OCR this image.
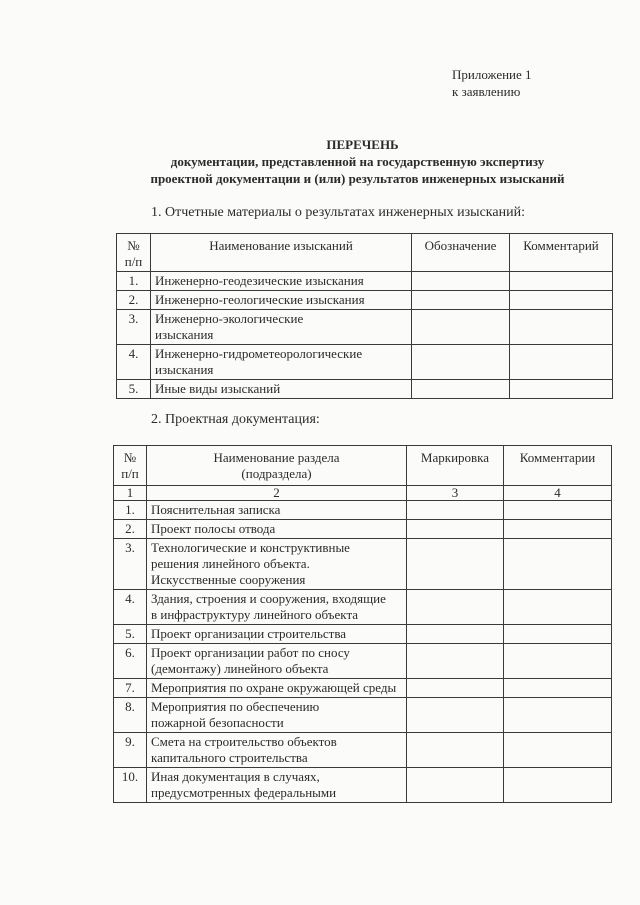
Приложение 1
к заявлению
ПЕРЕЧЕНЬ
документации, представленной на государственную экспертизу
проектной документации и (или) результатов инженерных изысканий
1. Отчетные материалы о результатах инженерных изысканий:
№ п/п	Наименование изысканий	Обозначение	Комментарий
1.	Инженерно-геодезические изыскания		
2.	Инженерно-геологические изыскания		
3.	Инженерно-экологические изыскания		
4.	Инженерно-гидрометеорологические изыскания		
5.	Иные виды изысканий		
2. Проектная документация:
№ п/п	Наименование раздела (подраздела)	Маркировка	Комментарии
1	2	3	4
1.	Пояснительная записка		
2.	Проект полосы отвода		
3.	Технологические и конструктивные решения линейного объекта. Искусственные сооружения		
4.	Здания, строения и сооружения, входящие в инфраструктуру линейного объекта		
5.	Проект организации строительства		
6.	Проект организации работ по сносу (демонтажу) линейного объекта		
7.	Мероприятия по охране окружающей среды		
8.	Мероприятия по обеспечению пожарной безопасности		
9.	Смета на строительство объектов капитального строительства		
10.	Иная документация в случаях, предусмотренных федеральными		
